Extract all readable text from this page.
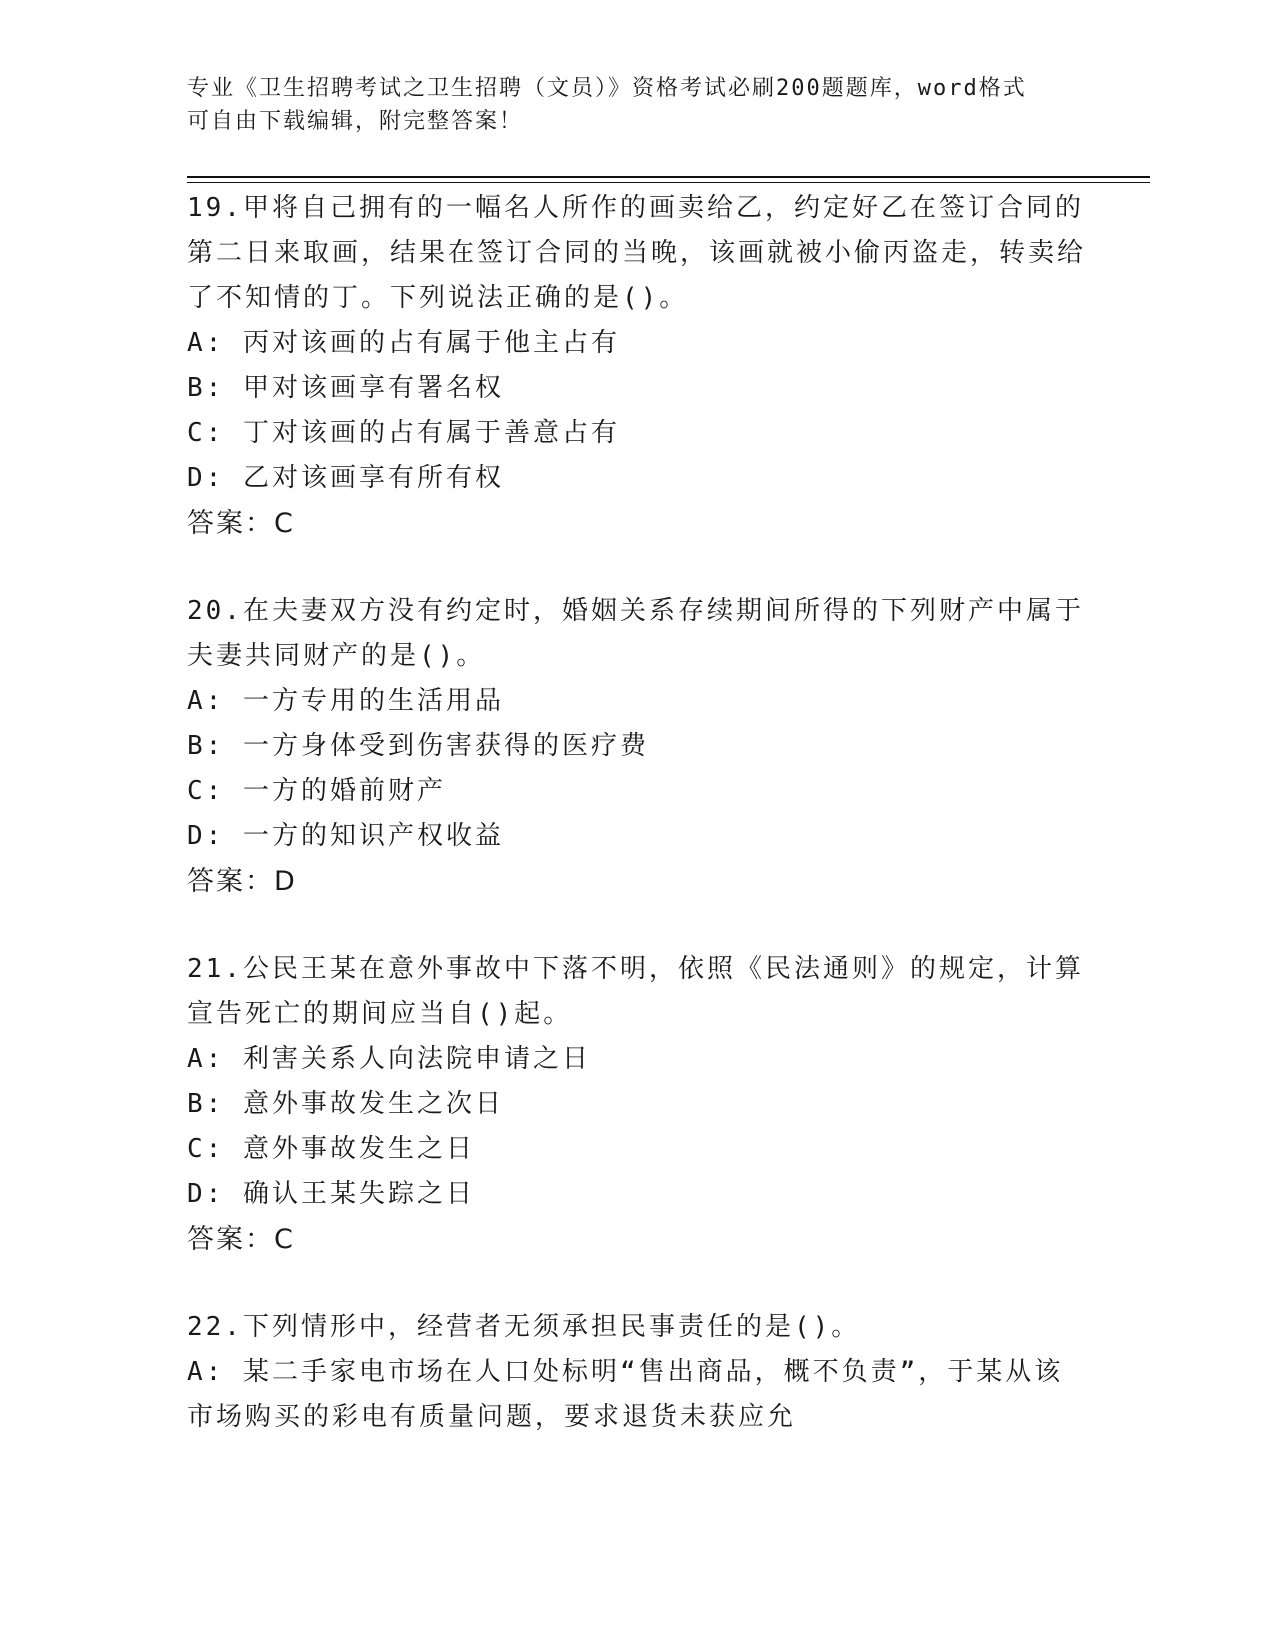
专业《卫生招聘考试之卫生招聘（文员）》资格考试必刷200题题库，word格式
可自由下载编辑，附完整答案！
19.甲将自己拥有的一幅名人所作的画卖给乙，约定好乙在签订合同的第二日来取画，结果在签订合同的当晚，该画就被小偷丙盗走，转卖给了不知情的丁。下列说法正确的是()。
A: 丙对该画的占有属于他主占有
B: 甲对该画享有署名权
C: 丁对该画的占有属于善意占有
D: 乙对该画享有所有权
答案：C
20.在夫妻双方没有约定时，婚姻关系存续期间所得的下列财产中属于夫妻共同财产的是()。
A: 一方专用的生活用品
B: 一方身体受到伤害获得的医疗费
C: 一方的婚前财产
D: 一方的知识产权收益
答案：D
21.公民王某在意外事故中下落不明，依照《民法通则》的规定，计算宣告死亡的期间应当自()起。
A: 利害关系人向法院申请之日
B: 意外事故发生之次日
C: 意外事故发生之日
D: 确认王某失踪之日
答案：C
22.下列情形中，经营者无须承担民事责任的是()。
A: 某二手家电市场在人口处标明“售出商品，概不负责”，于某从该市场购买的彩电有质量问题，要求退货未获应允
